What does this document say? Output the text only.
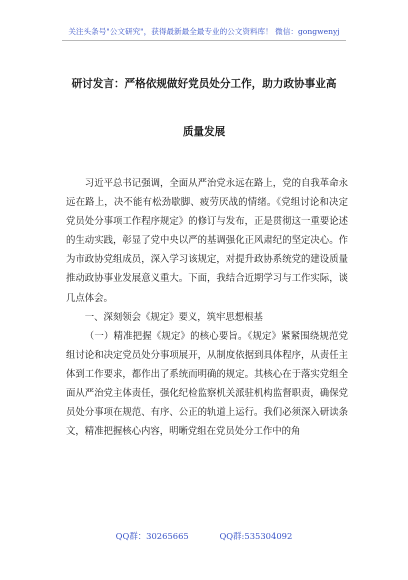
关注头条号"公文研究"，获得最新最全最专业的公文资料库！ 微信：gongwenyj
研讨发言：严格依规做好党员处分工作，助力政协事业高
质量发展

习近平总书记强调，全面从严治党永远在路上，党的自我革命永远在路上，决不能有松劲歇脚、疲劳厌战的情绪。《党组讨论和决定党员处分事项工作程序规定》的修订与发布，正是贯彻这一重要论述的生动实践，彰显了党中央以严的基调强化正风肃纪的坚定决心。作为市政协党组成员，深入学习该规定，对提升政协系统党的建设质量推动政协事业发展意义重大。下面，我结合近期学习与工作实际，谈几点体会。

一、深刻领会《规定》要义，筑牢思想根基

（一）精准把握《规定》的核心要旨。《规定》紧紧围绕规范党组讨论和决定党员处分事项展开，从制度依据到具体程序，从责任主体到工作要求，都作出了系统而明确的规定。其核心在于落实党组全面从严治党主体责任，强化纪检监察机关派驻机构监督职责，确保党员处分事项在规范、有序、公正的轨道上运行。我们必须深入研读条文，精准把握核心内容，明晰党组在党员处分工作中的角

QQ群：30265665	QQ群:535304092
